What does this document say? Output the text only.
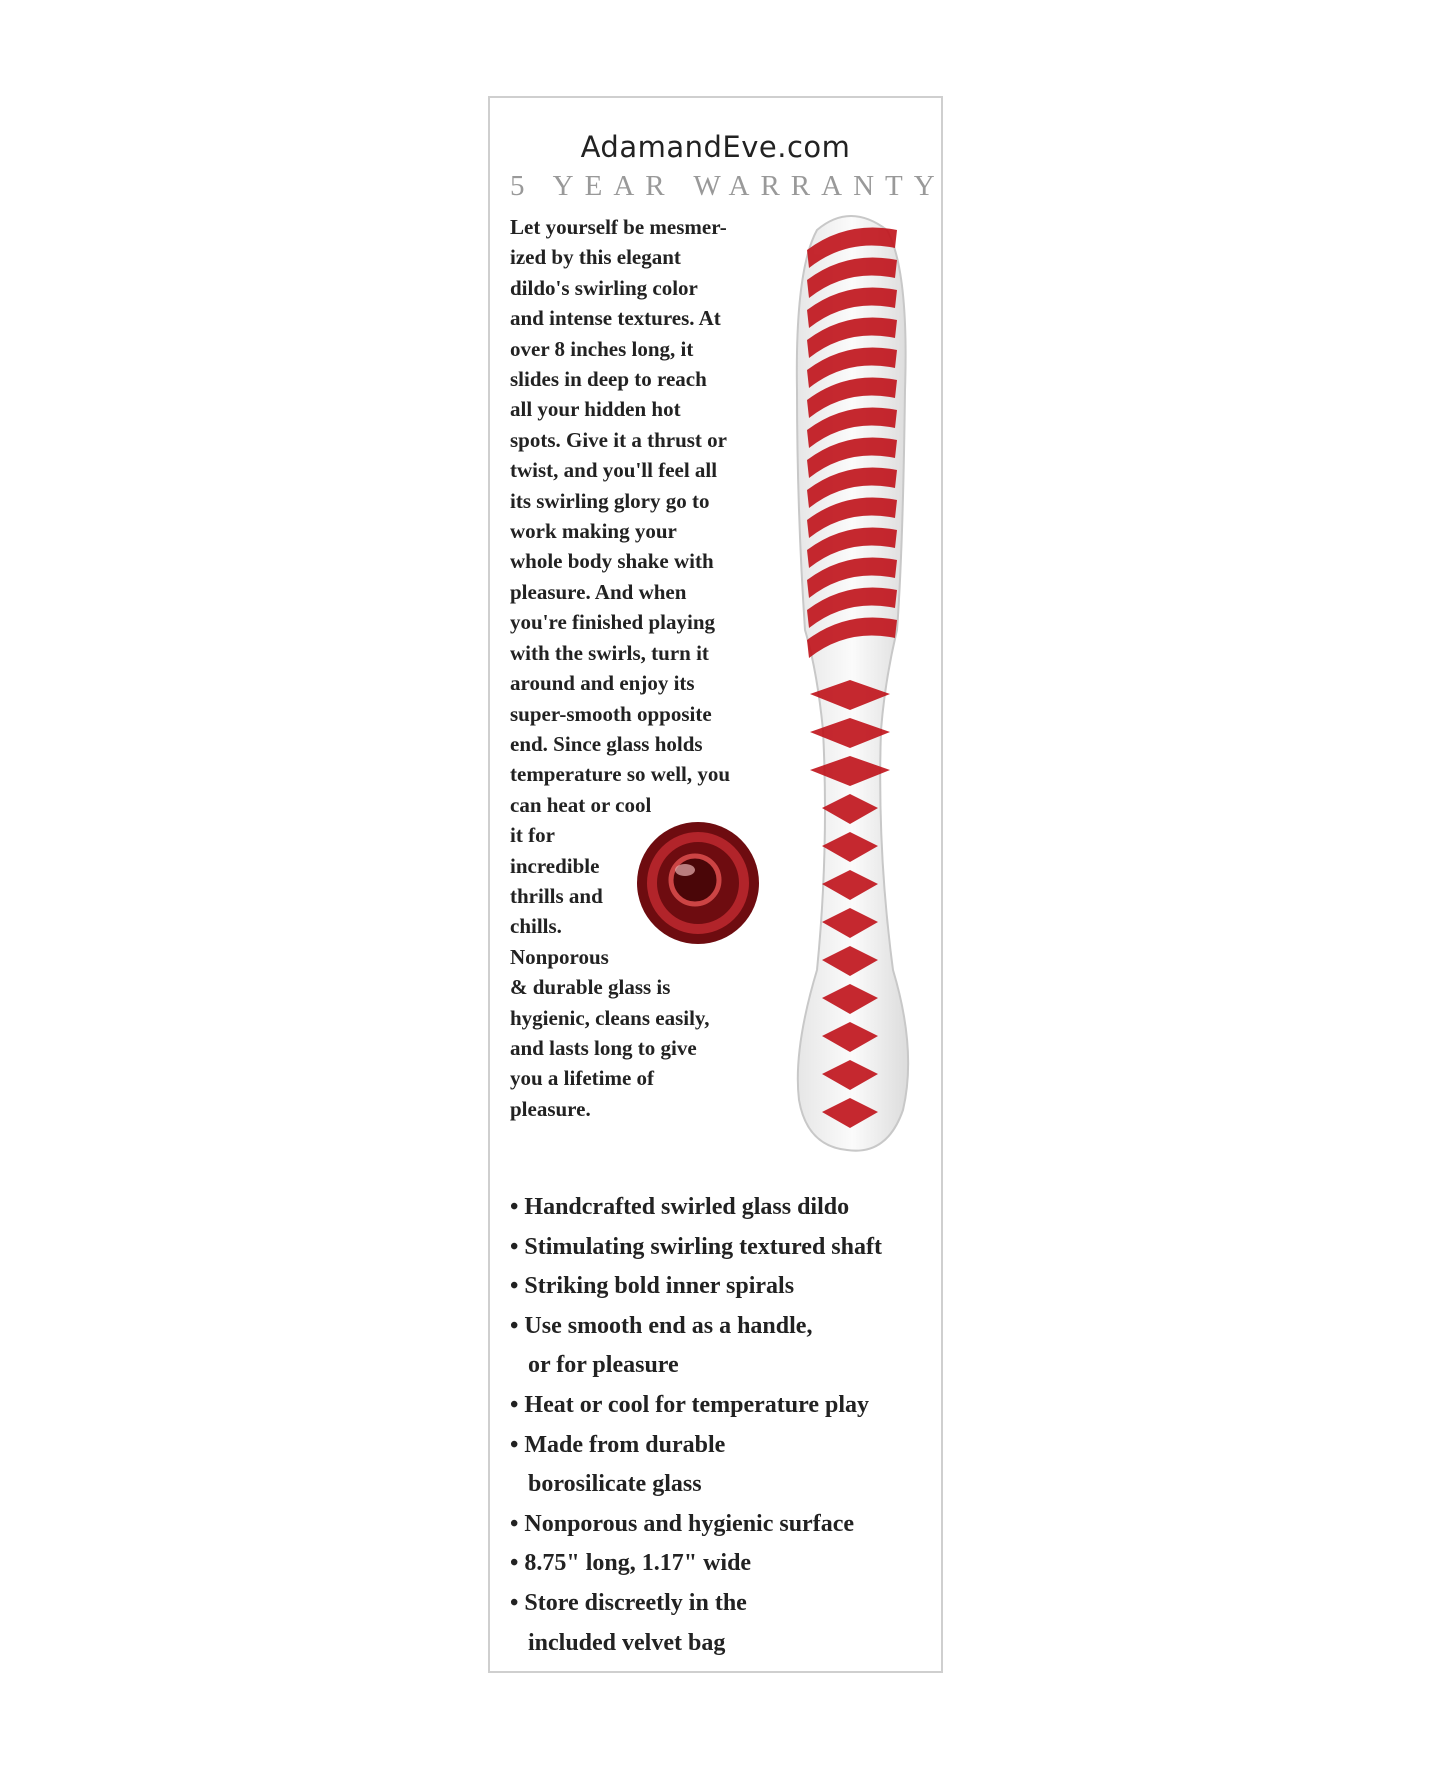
AdamandEve.com
5 YEAR WARRANTY
Let yourself be mesmer-
ized by this elegant
dildo's swirling color
and intense textures. At
over 8 inches long, it
slides in deep to reach
all your hidden hot
spots. Give it a thrust or
twist, and you'll feel all
its swirling glory go to
work making your
whole body shake with
pleasure. And when
you're finished playing
with the swirls, turn it
around and enjoy its
super-smooth opposite
end. Since glass holds
temperature so well, you
can heat or cool
it for
incredible
thrills and
chills.
Nonporous
& durable glass is
hygienic, cleans easily,
and lasts long to give
you a lifetime of
pleasure.
• Handcrafted swirled glass dildo
• Stimulating swirling textured shaft
• Striking bold inner spirals
• Use smooth end as a handle,
or for pleasure
• Heat or cool for temperature play
• Made from durable
borosilicate glass
• Nonporous and hygienic surface
• 8.75" long, 1.17" wide
• Store discreetly in the
included velvet bag
